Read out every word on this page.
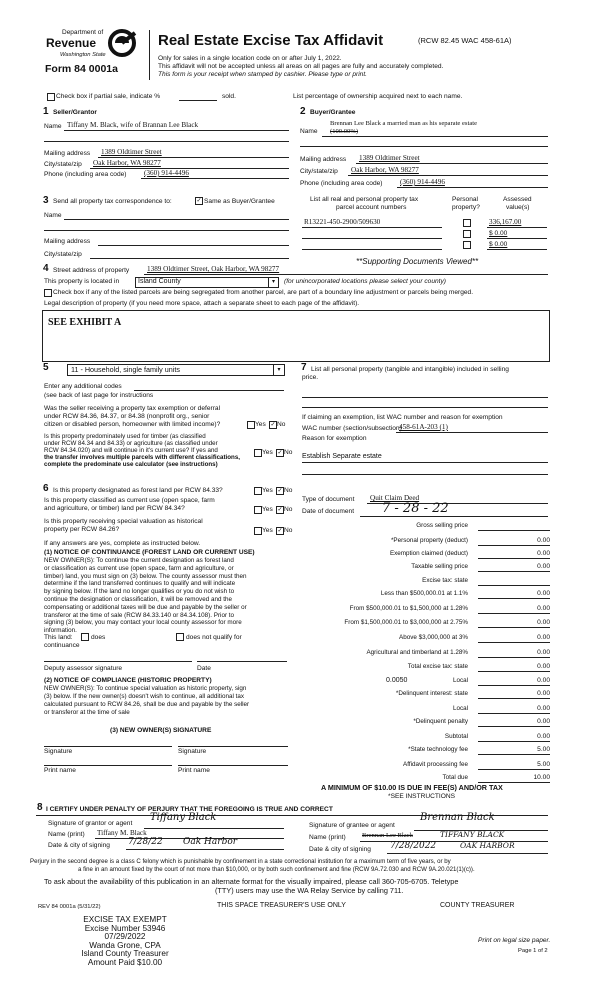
Department of
Revenue
Washington State
Form 84 0001a
Real Estate Excise Tax Affidavit	(RCW 82.45 WAC 458-61A)
Only for sales in a single location code on or after July 1, 2022.
This affidavit will not be accepted unless all areas on all pages are fully and accurately completed.
This form is your receipt when stamped by cashier. Please type or print.
Check box if partial sale, indicate %	sold.	List percentage of ownership acquired next to each name.
1 Seller/Grantor
Name Tiffany M. Black, wife of Brannan Lee Black
Mailing address 1389 Oldtimer Street
City/state/zip Oak Harbor, WA 98277
Phone (including area code) (360) 914-4496
2 Buyer/Grantee
Brennan Lee Black a married man as his separate estate
Name (100.00%)
Mailing address 1389 Oldtimer Street
City/state/zip Oak Harbor, WA 98277
Phone (including area code) (360) 914-4496
3 Send all property tax correspondence to:	✓ Same as Buyer/Grantee
Name
Mailing address
City/state/zip
List all real and personal property tax
parcel account numbers
Personal
property?
Assessed
value(s)
R13221-450-2900/509630	336,167.00
$ 0.00
$ 0.00
**Supporting Documents Viewed**
4 Street address of property 1389 Oldtimer Street, Oak Harbor, WA 98277
This property is located in	Island County	▾	(for unincorporated locations please select your county)
Check box if any of the listed parcels are being segregated from another parcel, are part of a boundary line adjustment or parcels being merged.
Legal description of property (if you need more space, attach a separate sheet to each page of the affidavit).
SEE EXHIBIT A
5	11 - Household, single family units	▾
Enter any additional codes
(see back of last page for instructions
Was the seller receiving a property tax exemption or deferral
under RCW 84.36, 84.37, or 84.38 (nonprofit org., senior
citizen or disabled person, homeowner with limited income)?	Yes ✓ No
Is this property predominately used for timber (as classified
under RCW 84.34 and 84.33) or agriculture (as classified under
RCW 84.34.020) and will continue in it's current use? If yes and
the transfer involves multiple parcels with different classifications,
complete the predominate use calculator (see instructions)
Yes ✓ No
7 List all personal property (tangible and intangible) included in selling
price.
If claiming an exemption, list WAC number and reason for exemption
WAC number (section/subsection)
458-61A-203 (1)
Reason for exemption
Establish Separate estate
6 Is this property designated as forest land per RCW 84.33?	Yes ✓ No
Is this property classified as current use (open space, farm
and agriculture, or timber) land per RCW 84.34?	Yes ✓ No
Is this property receiving special valuation as historical
property per RCW 84.26?	Yes ✓ No
If any answers are yes, complete as instructed below.
(1) NOTICE OF CONTINUANCE (FOREST LAND OR CURRENT USE)
NEW OWNER(S): To continue the current designation as forest land
or classification as current use (open space, farm and agriculture, or
timber) land, you must sign on (3) below. The county assessor must then
determine if the land transferred continues to qualify and will indicate
by signing below. If the land no longer qualifies or you do not wish to
continue the designation or classification, it will be removed and the
compensating or additional taxes will be due and payable by the seller or
transferor at the time of sale (RCW 84.33.140 or 84.34.108). Prior to
signing (3) below, you may contact your local county assessor for more
information.
This land:	does	does not qualify for
continuance
Deputy assessor signature	Date
(2) NOTICE OF COMPLIANCE (HISTORIC PROPERTY)
NEW OWNER(S): To continue special valuation as historic property, sign
(3) below. If the new owner(s) doesn't wish to continue, all additional tax
calculated pursuant to RCW 84.26, shall be due and payable by the seller
or transferor at the time of sale
(3) NEW OWNER(S) SIGNATURE
Signature	Signature
Print name	Print name
Type of document Quit Claim Deed
Date of document 7 - 28 - 22
Gross selling price
*Personal property (deduct)	0.00
Exemption claimed (deduct)	0.00
Taxable selling price	0.00
Excise tax: state
Less than $500,000.01 at 1.1%	0.00
From $500,000.01 to $1,500,000 at 1.28%	0.00
From $1,500,000.01 to $3,000,000 at 2.75%	0.00
Above $3,000,000 at 3%	0.00
Agricultural and timberland at 1.28%	0.00
Total excise tax: state	0.00
Local	0.00
*Delinquent interest: state	0.00
Local	0.00
*Delinquent penalty	0.00
Subtotal	0.00
*State technology fee	5.00
Affidavit processing fee	5.00
Total due	10.00
0.0050
A MINIMUM OF $10.00 IS DUE IN FEE(S) AND/OR TAX
*SEE INSTRUCTIONS
8 I CERTIFY UNDER PENALTY OF PERJURY THAT THE FOREGOING IS TRUE AND CORRECT
Signature of grantor or agent
Tiffany Black
Name (print) Tiffany M. Black
Date & city of signing 7/28/22 Oak Harbor
Signature of grantee or agent
Brennan Black
Name (print) Brennan Lee Black	TIFFANY BLACK
Date & city of signing 7/28/2022	OAK HARBOR
Perjury in the second degree is a class C felony which is punishable by confinement in a state correctional institution for a maximum term of five years, or by
a fine in an amount fixed by the court of not more than $10,000, or by both such confinement and fine (RCW 9A.72.030 and RCW 9A.20.021(1)(c)).
To ask about the availability of this publication in an alternate format for the visually impaired, please call 360-705-6705. Teletype
(TTY) users may use the WA Relay Service by calling 711.
REV 84 0001a (5/31/22)	THIS SPACE TREASURER'S USE ONLY	COUNTY TREASURER
EXCISE TAX EXEMPT
Excise Number 53946
07/29/2022
Wanda Grone, CPA
Island County Treasurer
Amount Paid $10.00
Print on legal size paper.
Page 1 of 2
